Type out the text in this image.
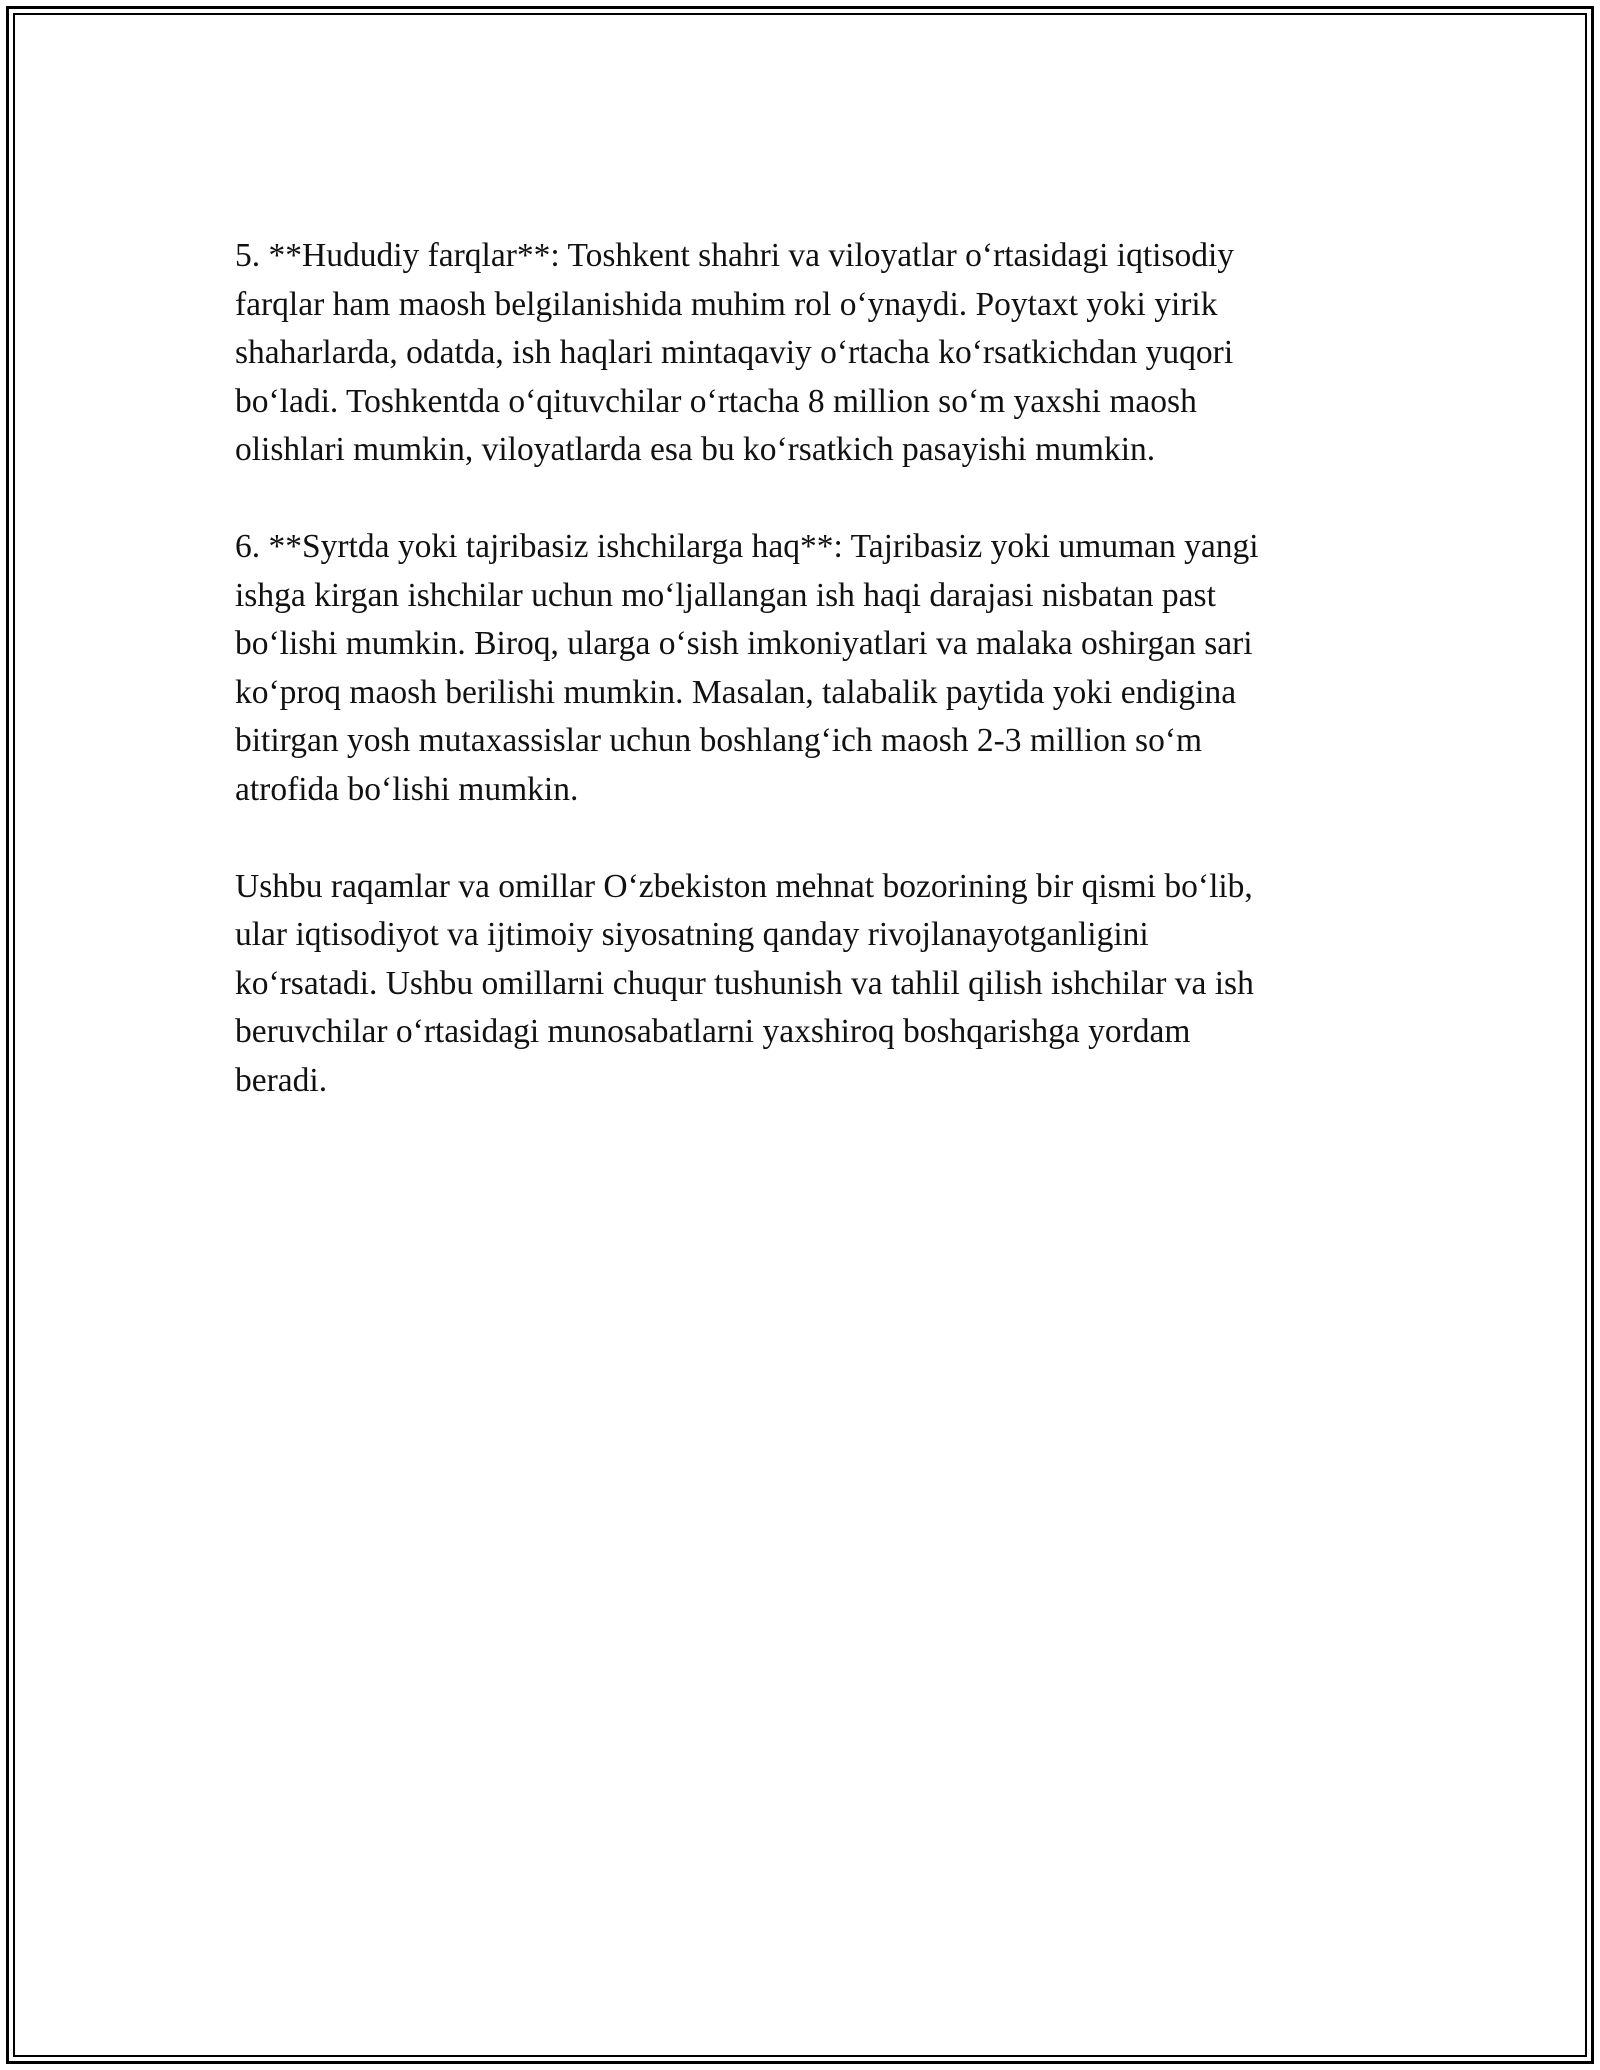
5. **Hududiy farqlar**: Toshkent shahri va viloyatlar oʻrtasidagi iqtisodiy
farqlar ham maosh belgilanishida muhim rol oʻynaydi. Poytaxt yoki yirik
shaharlarda, odatda, ish haqlari mintaqaviy oʻrtacha koʻrsatkichdan yuqori
boʻladi. Toshkentda oʻqituvchilar oʻrtacha 8 million soʻm yaxshi maosh
olishlari mumkin, viloyatlarda esa bu koʻrsatkich pasayishi mumkin.

6. **Syrtda yoki tajribasiz ishchilarga haq**: Tajribasiz yoki umuman yangi
ishga kirgan ishchilar uchun moʻljallangan ish haqi darajasi nisbatan past
boʻlishi mumkin. Biroq, ularga oʻsish imkoniyatlari va malaka oshirgan sari
koʻproq maosh berilishi mumkin. Masalan, talabalik paytida yoki endigina
bitirgan yosh mutaxassislar uchun boshlangʻich maosh 2-3 million soʻm
atrofida boʻlishi mumkin.

Ushbu raqamlar va omillar Oʻzbekiston mehnat bozorining bir qismi boʻlib,
ular iqtisodiyot va ijtimoiy siyosatning qanday rivojlanayotganligini
koʻrsatadi. Ushbu omillarni chuqur tushunish va tahlil qilish ishchilar va ish
beruvchilar oʻrtasidagi munosabatlarni yaxshiroq boshqarishga yordam
beradi.
